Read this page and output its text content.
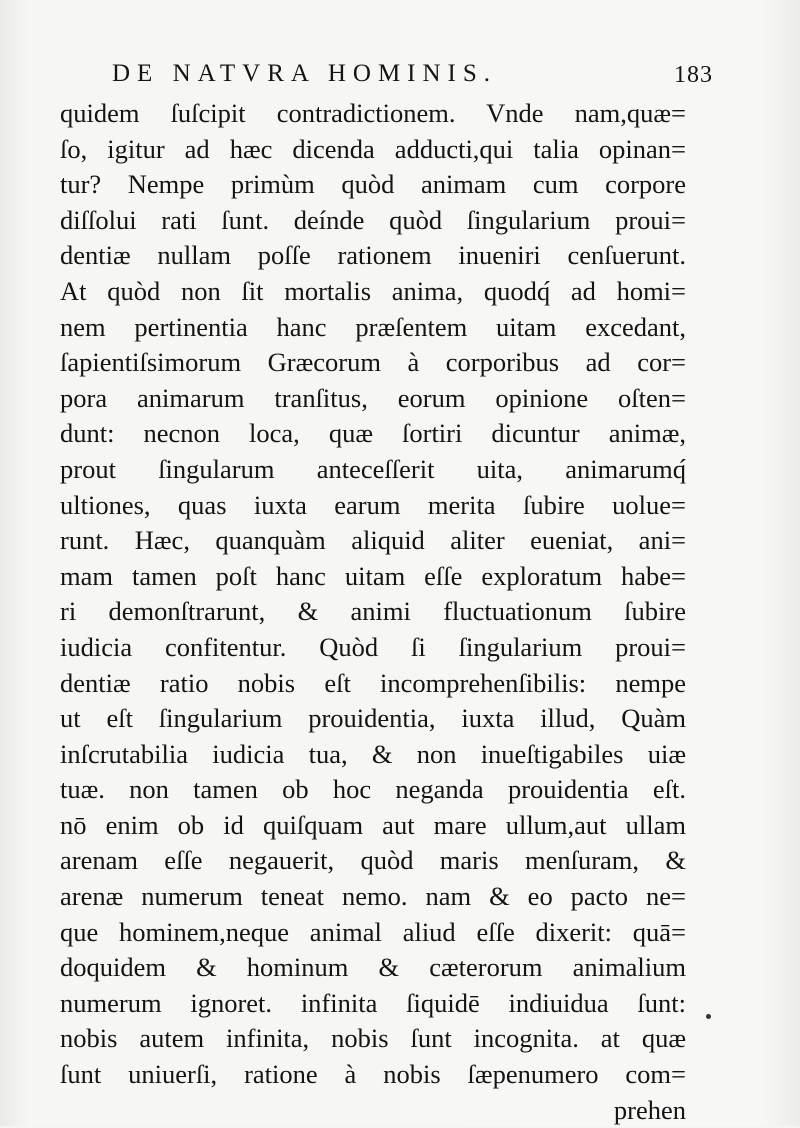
DE NATVRA HOMINIS.	183
quidem ſuſcipit contradictionem. Vnde nam,quæ=
ſo, igitur ad hæc dicenda adducti,qui talia opinan=
tur? Nempe primùm quòd animam cum corpore
diſſolui rati ſunt. deínde quòd ſingularium proui=
dentiæ nullam poſſe rationem inueniri cenſuerunt.
At quòd non ſit mortalis anima, quodq́ ad homi=
nem pertinentia hanc præſentem uitam excedant,
ſapientiſsimorum Græcorum à corporibus ad cor=
pora animarum tranſitus, eorum opinione oſten=
dunt: necnon loca, quæ ſortiri dicuntur animæ,
prout ſingularum anteceſſerit uita, animarumq́
ultiones, quas iuxta earum merita ſubire uolue=
runt. Hæc, quanquàm aliquid aliter eueniat, ani=
mam tamen poſt hanc uitam eſſe exploratum habe=
ri demonſtrarunt, & animi fluctuationum ſubire
iudicia confitentur. Quòd ſi ſingularium proui=
dentiæ ratio nobis eſt incomprehenſibilis: nempe
ut eſt ſingularium prouidentia, iuxta illud, Quàm
inſcrutabilia iudicia tua, & non inueſtigabiles uiæ
tuæ. non tamen ob hoc neganda prouidentia eſt.
nō enim ob id quiſquam aut mare ullum,aut ullam
arenam eſſe negauerit, quòd maris menſuram, &
arenæ numerum teneat nemo. nam & eo pacto ne=
que hominem,neque animal aliud eſſe dixerit: quā=
doquidem & hominum & cæterorum animalium
numerum ignoret. infinita ſiquidē indiuidua ſunt:
nobis autem infinita, nobis ſunt incognita. at quæ
ſunt uniuerſi, ratione à nobis ſæpenumero com=
prehen
